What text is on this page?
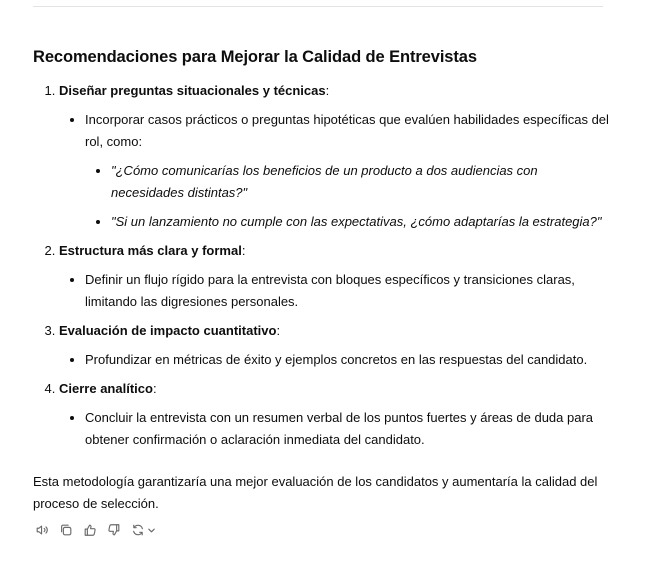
Recomendaciones para Mejorar la Calidad de Entrevistas
1. Diseñar preguntas situacionales y técnicas:
• Incorporar casos prácticos o preguntas hipotéticas que evalúen habilidades específicas del rol, como:
• "¿Cómo comunicarías los beneficios de un producto a dos audiencias con necesidades distintas?"
• "Si un lanzamiento no cumple con las expectativas, ¿cómo adaptarías la estrategia?"
2. Estructura más clara y formal:
• Definir un flujo rígido para la entrevista con bloques específicos y transiciones claras, limitando las digresiones personales.
3. Evaluación de impacto cuantitativo:
• Profundizar en métricas de éxito y ejemplos concretos en las respuestas del candidato.
4. Cierre analítico:
• Concluir la entrevista con un resumen verbal de los puntos fuertes y áreas de duda para obtener confirmación o aclaración inmediata del candidato.

Esta metodología garantizaría una mejor evaluación de los candidatos y aumentaría la calidad del proceso de selección.
